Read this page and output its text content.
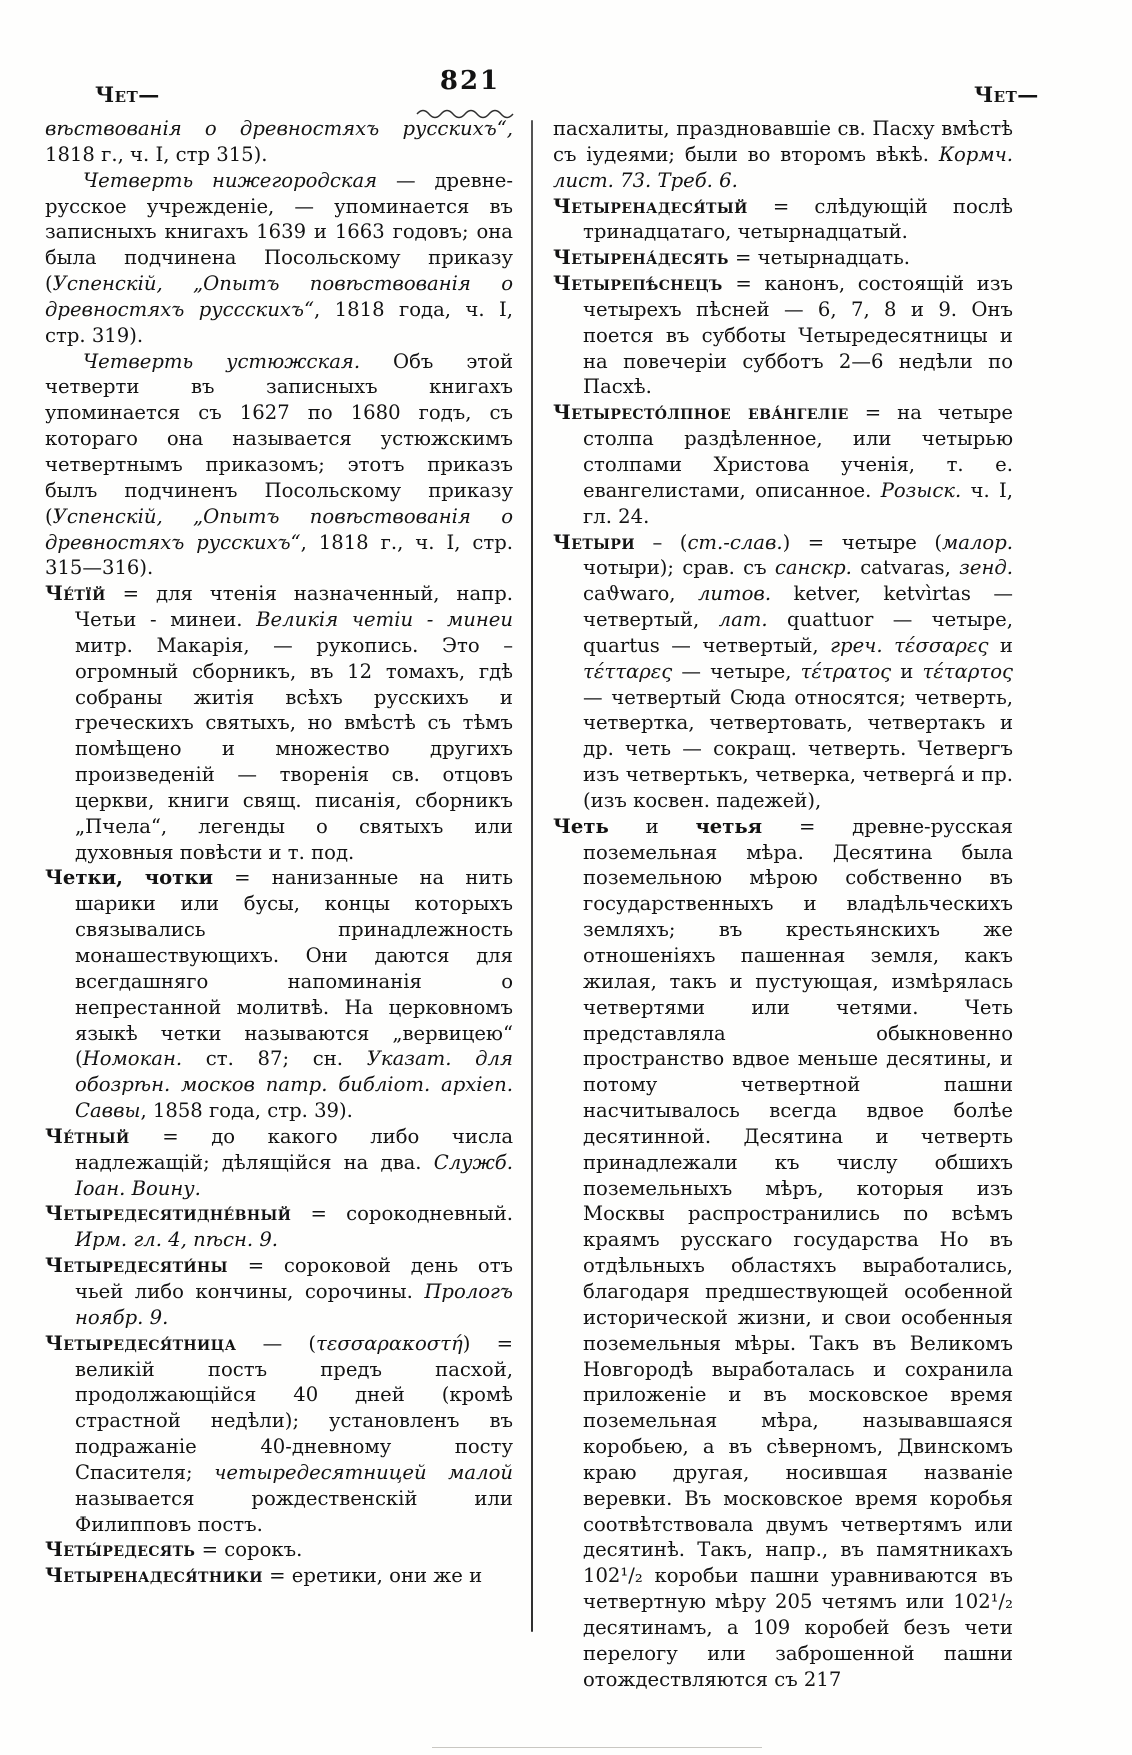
Чет—	821	Чет—

вѣствованія о древностяхъ русскихъ“, 1818 г., ч. I, стр 315).

Четверть нижегородская — древне-русское учрежденіе, — упоминается въ записныхъ книгахъ 1639 и 1663 годовъ; она была подчинена Посольскому приказу (Успенскій, „Опытъ повѣствованія о древностяхъ руссскихъ“, 1818 года, ч. I, стр. 319).

Четверть устюжская. Объ этой четверти въ записныхъ книгахъ упоминается съ 1627 по 1680 годъ, съ котораго она называется устюжскимъ четвертнымъ приказомъ; этотъ приказъ былъ подчиненъ Посольскому приказу (Успенскій, „Опытъ повѣствованія о древностяхъ русскихъ“, 1818 г., ч. I, стр. 315—316).

Че́тїй = для чтенія назначенный, напр. Четьи - минеи. Великія четіи - минеи митр. Макарія, — рукопись. Это – огромный сборникъ, въ 12 томахъ, гдѣ собраны житія всѣхъ русскихъ и греческихъ святыхъ, но вмѣстѣ съ тѣмъ помѣщено и множество другихъ произведеній — творенія св. отцовъ церкви, книги свящ. писанія, сборникъ „Пчела“, легенды о святыхъ или духовныя повѣсти и т. под.

Четки, чотки = нанизанные на нить шарики или бусы, концы которыхъ связывались принадлежность монашествующихъ. Они даются для всегдашняго напоминанія о непрестанной молитвѣ. На церковномъ языкѣ четки называются „вервицею“ (Номокан. ст. 87; сн. Указат. для обозрѣн. москов патр. библіот. архіеп. Саввы, 1858 года, стр. 39).

Че́тный = до какого либо числа надлежащій; дѣлящійся на два. Служб. Іоан. Воину.

Четыредесятидне́вный = сорокодневный. Ирм. гл. 4, пѣсн. 9.

Четыредесяти́ны = сороковой день отъ чьей либо кончины, сорочины. Прологъ ноябр. 9.

Четыредеся́тница — (τεσσαρακοστή) = великій постъ предъ пасхой, продолжающійся 40 дней (кромѣ страстной недѣли); установленъ въ подражаніе 40-дневному посту Спасителя; четыредесятницей малой называется рождественскій или Филипповъ постъ.

Четы́редесять = сорокъ.

Четыренадеся́тники = еретики, они же и

пасхалиты, праздновавшіе св. Пасху вмѣстѣ съ іудеями; были во второмъ вѣкѣ. Кормч. лист. 73. Треб. 6.

Четыренадеся́тый = слѣдующій послѣ тринадцатаго, четырнадцатый.

Четырена́десять = четырнадцать.

Четырепѣ́снецъ = канонъ, состоящій изъ четырехъ пѣсней — 6, 7, 8 и 9. Онъ поется въ субботы Четыредесятницы и на повечеріи субботъ 2—6 недѣли по Пасхѣ.

Четыресто́лпное ева́нгеліе = на четыре столпа раздѣленное, или четырью столпами Христова ученія, т. е. евангелистами, описанное. Розыск. ч. I, гл. 24.

Четыри – (ст.-слав.) = четыре (малор. чотыри); срав. съ санскр. catvaras, зенд. caϑwaro, литов. ketver, ketvìrtas — четвертый, лат. quattuor — четыре, quartus — четвертый, греч. τέσσαρες и τέτταρες — четыре, τέτρατος и τέταρτος — четвертый Сюда относятся; четверть, четвертка, четвертовать, четвертакъ и др. четь — сокращ. четверть. Четвергъ изъ четвертькъ, четверка, четверга́ и пр. (изъ косвен. падежей),

Четь и четья = древне-русская поземельная мѣра. Десятина была поземельною мѣрою собственно въ государственныхъ и владѣльческихъ земляхъ; въ крестьянскихъ же отношеніяхъ пашенная земля, какъ жилая, такъ и пустующая, измѣрялась четвертями или четями. Четь представляла обыкновенно пространство вдвое меньше десятины, и потому четвертной пашни насчитывалось всегда вдвое болѣе десятинной. Десятина и четверть принадлежали къ числу обшихъ поземельныхъ мѣръ, которыя изъ Москвы распространились по всѣмъ краямъ русскаго государства Но въ отдѣльныхъ областяхъ выработались, благодаря предшествующей особенной исторической жизни, и свои особенныя поземельныя мѣры. Такъ въ Великомъ Новгородѣ выработалась и сохранила приложеніе и въ московское время поземельная мѣра, называвшаяся коробьею, а въ сѣверномъ, Двинскомъ краю другая, носившая названіе веревки. Въ московское время коробья соотвѣтствовала двумъ четвертямъ или десятинѣ. Такъ, напр., въ памятникахъ 102¹/₂ коробьи пашни уравниваются въ четвертную мѣру 205 четямъ или 102¹/₂ десятинамъ, а 109 коробей безъ чети перелогу или заброшенной пашни отождествляются съ 217
